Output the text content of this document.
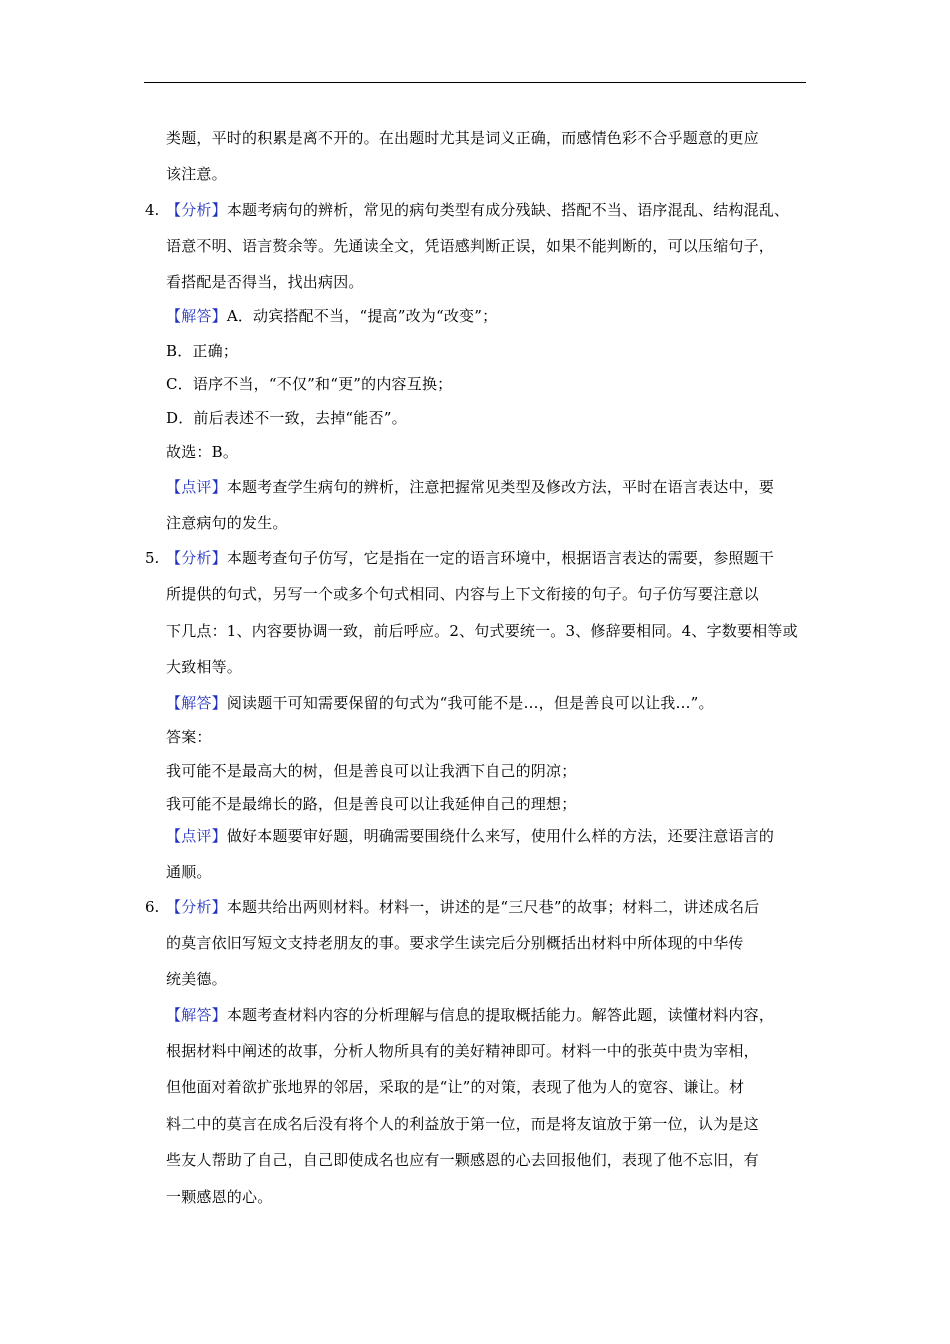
类题，平时的积累是离不开的。在出题时尤其是词义正确，而感情色彩不合乎题意的更应
该注意。
4. 【分析】本题考病句的辨析，常见的病句类型有成分残缺、搭配不当、语序混乱、结构混乱、
语意不明、语言赘余等。先通读全文，凭语感判断正误，如果不能判断的，可以压缩句子，
看搭配是否得当，找出病因。
【解答】A．动宾搭配不当，“提高”改为“改变”；
B．正确；
C．语序不当，“不仅”和“更”的内容互换；
D．前后表述不一致，去掉“能否”。
故选：B。
【点评】本题考查学生病句的辨析，注意把握常见类型及修改方法，平时在语言表达中，要
注意病句的发生。
5. 【分析】本题考查句子仿写，它是指在一定的语言环境中，根据语言表达的需要，参照题干
所提供的句式，另写一个或多个句式相同、内容与上下文衔接的句子。句子仿写要注意以
下几点：1、内容要协调一致，前后呼应。2、句式要统一。3、修辞要相同。4、字数要相等或
大致相等。
【解答】阅读题干可知需要保留的句式为“我可能不是…，但是善良可以让我…”。
答案：
我可能不是最高大的树，但是善良可以让我洒下自己的阴凉；
我可能不是最绵长的路，但是善良可以让我延伸自己的理想；
【点评】做好本题要审好题，明确需要围绕什么来写，使用什么样的方法，还要注意语言的
通顺。
6. 【分析】本题共给出两则材料。材料一，讲述的是“三尺巷”的故事；材料二，讲述成名后
的莫言依旧写短文支持老朋友的事。要求学生读完后分别概括出材料中所体现的中华传
统美德。
【解答】本题考查材料内容的分析理解与信息的提取概括能力。解答此题，读懂材料内容，
根据材料中阐述的故事，分析人物所具有的美好精神即可。材料一中的张英中贵为宰相，
但他面对着欲扩张地界的邻居，采取的是“让”的对策，表现了他为人的宽容、谦让。材
料二中的莫言在成名后没有将个人的利益放于第一位，而是将友谊放于第一位，认为是这
些友人帮助了自己，自己即使成名也应有一颗感恩的心去回报他们，表现了他不忘旧，有
一颗感恩的心。
